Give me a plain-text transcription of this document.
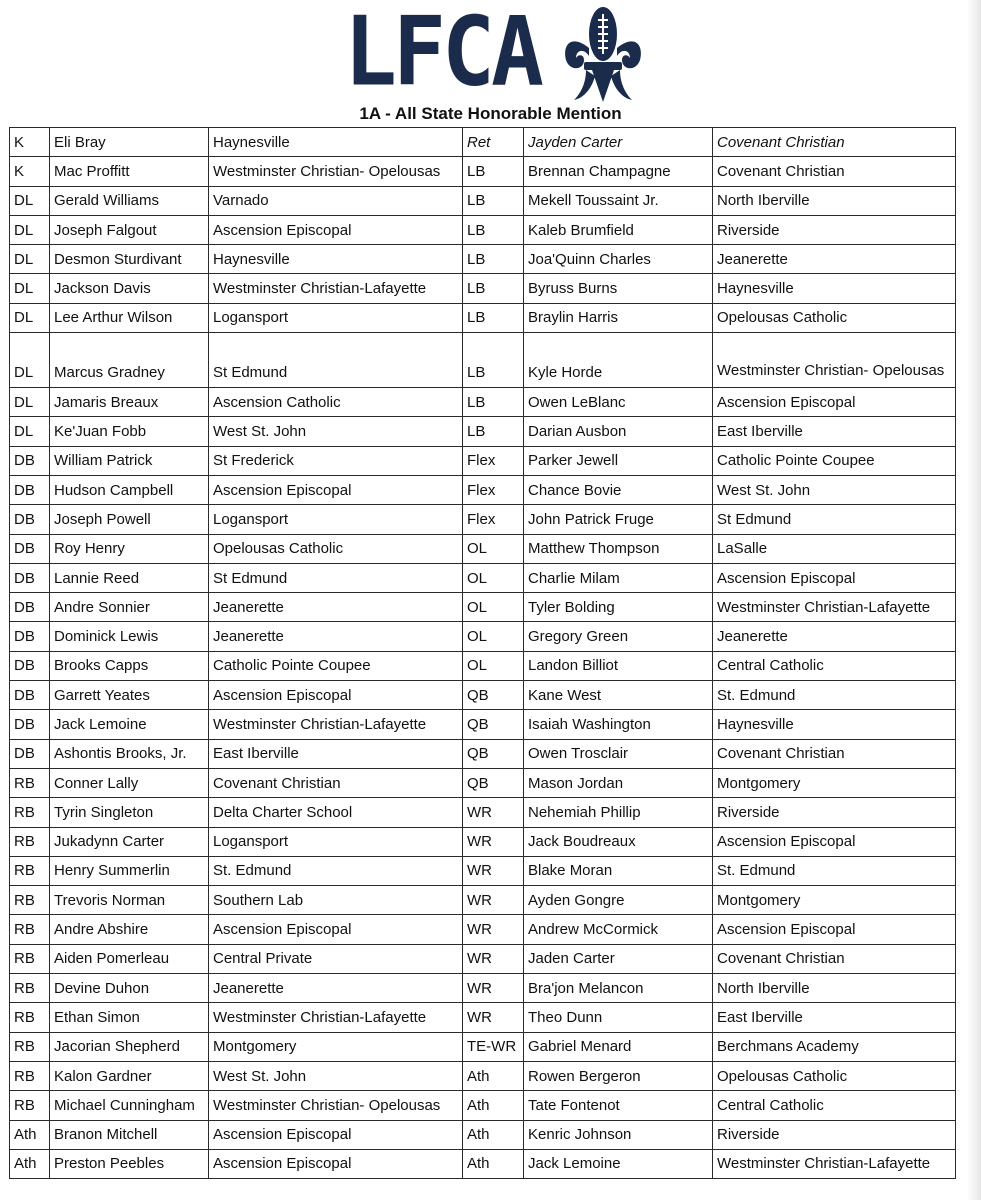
LFCA
1A - All State Honorable Mention
K	Eli Bray	Haynesville	Ret	Jayden Carter	Covenant Christian
K	Mac Proffitt	Westminster Christian- Opelousas	LB	Brennan Champagne	Covenant Christian
DL	Gerald Williams	Varnado	LB	Mekell Toussaint Jr.	North Iberville
DL	Joseph Falgout	Ascension Episcopal	LB	Kaleb Brumfield	Riverside
DL	Desmon Sturdivant	Haynesville	LB	Joa'Quinn Charles	Jeanerette
DL	Jackson Davis	Westminster Christian-Lafayette	LB	Byruss Burns	Haynesville
DL	Lee Arthur Wilson	Logansport	LB	Braylin Harris	Opelousas Catholic
DL	Marcus Gradney	St Edmund	LB	Kyle Horde	Westminster Christian- Opelousas
DL	Jamaris Breaux	Ascension Catholic	LB	Owen LeBlanc	Ascension Episcopal
DL	Ke'Juan Fobb	West St. John	LB	Darian Ausbon	East Iberville
DB	William Patrick	St Frederick	Flex	Parker Jewell	Catholic Pointe Coupee
DB	Hudson Campbell	Ascension Episcopal	Flex	Chance Bovie	West St. John
DB	Joseph Powell	Logansport	Flex	John Patrick Fruge	St Edmund
DB	Roy Henry	Opelousas Catholic	OL	Matthew Thompson	LaSalle
DB	Lannie Reed	St Edmund	OL	Charlie Milam	Ascension Episcopal
DB	Andre Sonnier	Jeanerette	OL	Tyler Bolding	Westminster Christian-Lafayette
DB	Dominick Lewis	Jeanerette	OL	Gregory Green	Jeanerette
DB	Brooks Capps	Catholic Pointe Coupee	OL	Landon Billiot	Central Catholic
DB	Garrett Yeates	Ascension Episcopal	QB	Kane West	St. Edmund
DB	Jack Lemoine	Westminster Christian-Lafayette	QB	Isaiah Washington	Haynesville
DB	Ashontis Brooks, Jr.	East Iberville	QB	Owen Trosclair	Covenant Christian
RB	Conner Lally	Covenant Christian	QB	Mason Jordan	Montgomery
RB	Tyrin Singleton	Delta Charter School	WR	Nehemiah Phillip	Riverside
RB	Jukadynn Carter	Logansport	WR	Jack Boudreaux	Ascension Episcopal
RB	Henry Summerlin	St. Edmund	WR	Blake Moran	St. Edmund
RB	Trevoris Norman	Southern Lab	WR	Ayden Gongre	Montgomery
RB	Andre Abshire	Ascension Episcopal	WR	Andrew McCormick	Ascension Episcopal
RB	Aiden Pomerleau	Central Private	WR	Jaden Carter	Covenant Christian
RB	Devine Duhon	Jeanerette	WR	Bra'jon Melancon	North Iberville
RB	Ethan Simon	Westminster Christian-Lafayette	WR	Theo Dunn	East Iberville
RB	Jacorian Shepherd	Montgomery	TE-WR	Gabriel Menard	Berchmans Academy
RB	Kalon Gardner	West St. John	Ath	Rowen Bergeron	Opelousas Catholic
RB	Michael Cunningham	Westminster Christian- Opelousas	Ath	Tate Fontenot	Central Catholic
Ath	Branon Mitchell	Ascension Episcopal	Ath	Kenric Johnson	Riverside
Ath	Preston Peebles	Ascension Episcopal	Ath	Jack Lemoine	Westminster Christian-Lafayette
